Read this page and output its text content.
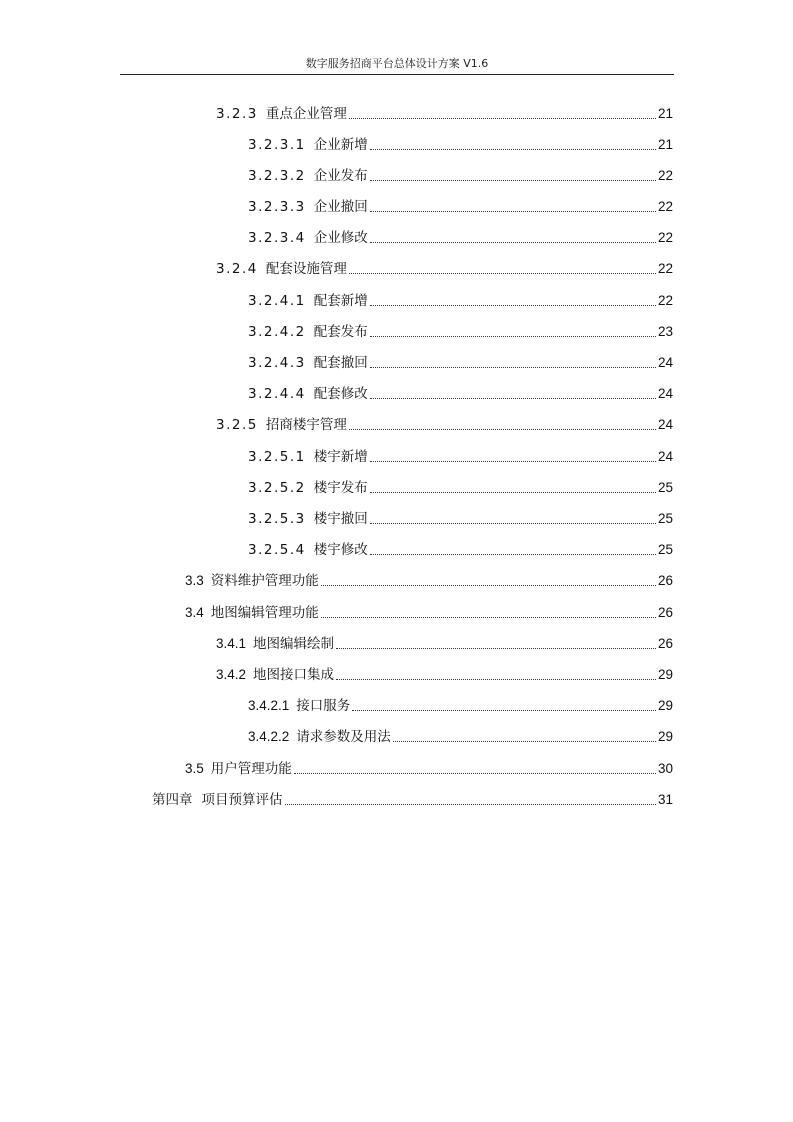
数字服务招商平台总体设计方案 V1.6
3.2.3 重点企业管理	21
3.2.3.1 企业新增	21
3.2.3.2 企业发布	22
3.2.3.3 企业撤回	22
3.2.3.4 企业修改	22
3.2.4 配套设施管理	22
3.2.4.1 配套新增	22
3.2.4.2 配套发布	23
3.2.4.3 配套撤回	24
3.2.4.4 配套修改	24
3.2.5 招商楼宇管理	24
3.2.5.1 楼宇新增	24
3.2.5.2 楼宇发布	25
3.2.5.3 楼宇撤回	25
3.2.5.4 楼宇修改	25
3.3 资料维护管理功能	26
3.4 地图编辑管理功能	26
3.4.1 地图编辑绘制	26
3.4.2 地图接口集成	29
3.4.2.1 接口服务	29
3.4.2.2 请求参数及用法	29
3.5 用户管理功能	30
第四章 项目预算评估	31
